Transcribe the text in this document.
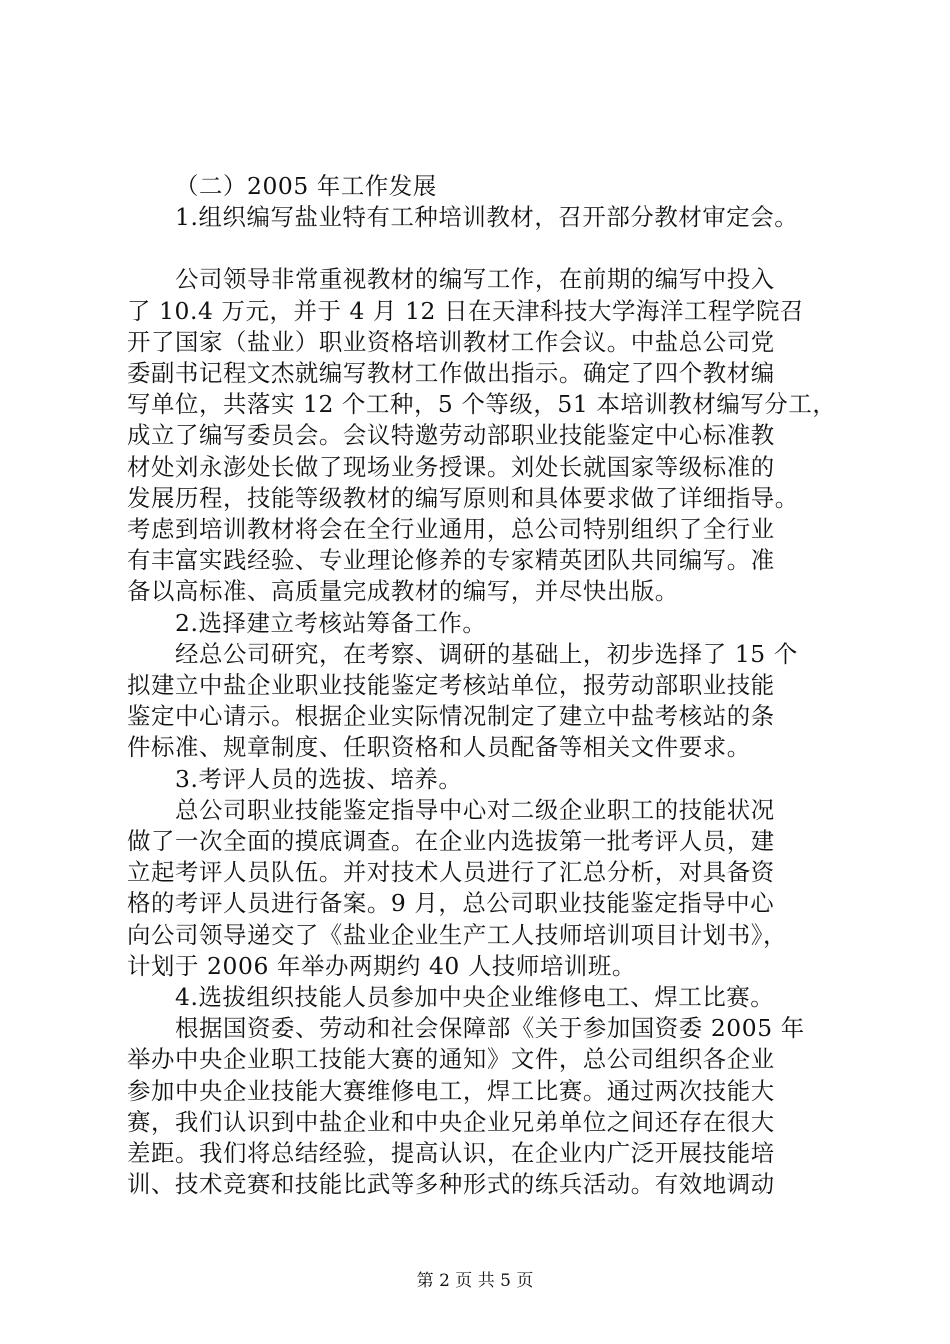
（二）2005 年工作发展
1.组织编写盐业特有工种培训教材，召开部分教材审定会。
公司领导非常重视教材的编写工作，在前期的编写中投入
了 10.4 万元，并于 4 月 12 日在天津科技大学海洋工程学院召
开了国家（盐业）职业资格培训教材工作会议。中盐总公司党
委副书记程文杰就编写教材工作做出指示。确定了四个教材编
写单位，共落实 12 个工种，5 个等级，51 本培训教材编写分工，
成立了编写委员会。会议特邀劳动部职业技能鉴定中心标准教
材处刘永澎处长做了现场业务授课。刘处长就国家等级标准的
发展历程，技能等级教材的编写原则和具体要求做了详细指导。
考虑到培训教材将会在全行业通用，总公司特别组织了全行业
有丰富实践经验、专业理论修养的专家精英团队共同编写。准
备以高标准、高质量完成教材的编写，并尽快出版。
2.选择建立考核站筹备工作。
经总公司研究，在考察、调研的基础上，初步选择了 15 个
拟建立中盐企业职业技能鉴定考核站单位，报劳动部职业技能
鉴定中心请示。根据企业实际情况制定了建立中盐考核站的条
件标准、规章制度、任职资格和人员配备等相关文件要求。
3.考评人员的选拔、培养。
总公司职业技能鉴定指导中心对二级企业职工的技能状况
做了一次全面的摸底调查。在企业内选拔第一批考评人员，建
立起考评人员队伍。并对技术人员进行了汇总分析，对具备资
格的考评人员进行备案。9 月，总公司职业技能鉴定指导中心
向公司领导递交了《盐业企业生产工人技师培训项目计划书》，
计划于 2006 年举办两期约 40 人技师培训班。
4.选拔组织技能人员参加中央企业维修电工、焊工比赛。
根据国资委、劳动和社会保障部《关于参加国资委 2005 年
举办中央企业职工技能大赛的通知》文件，总公司组织各企业
参加中央企业技能大赛维修电工，焊工比赛。通过两次技能大
赛，我们认识到中盐企业和中央企业兄弟单位之间还存在很大
差距。我们将总结经验，提高认识，在企业内广泛开展技能培
训、技术竞赛和技能比武等多种形式的练兵活动。有效地调动
第 2 页 共 5 页
